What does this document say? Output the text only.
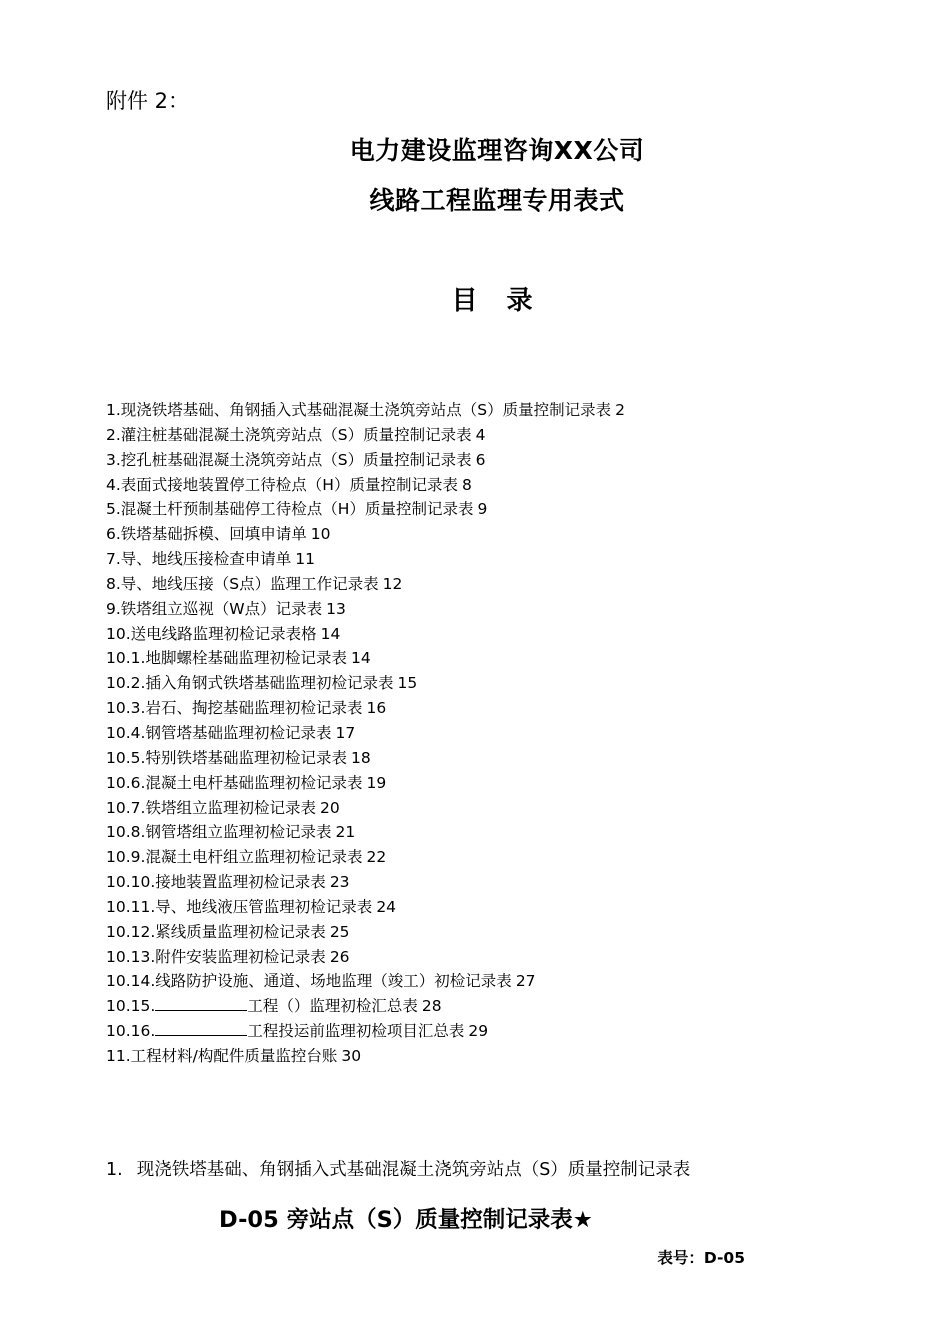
附件 2：
电力建设监理咨询XX公司
线路工程监理专用表式
目 录
1.现浇铁塔基础、角钢插入式基础混凝土浇筑旁站点（S）质量控制记录表 2
2.灌注桩基础混凝土浇筑旁站点（S）质量控制记录表 4
3.挖孔桩基础混凝土浇筑旁站点（S）质量控制记录表 6
4.表面式接地装置停工待检点（H）质量控制记录表 8
5.混凝土杆预制基础停工待检点（H）质量控制记录表 9
6.铁塔基础拆模、回填申请单 10
7.导、地线压接检查申请单 11
8.导、地线压接（S点）监理工作记录表 12
9.铁塔组立巡视（W点）记录表 13
10.送电线路监理初检记录表格 14
10.1.地脚螺栓基础监理初检记录表 14
10.2.插入角钢式铁塔基础监理初检记录表 15
10.3.岩石、掏挖基础监理初检记录表 16
10.4.钢管塔基础监理初检记录表 17
10.5.特别铁塔基础监理初检记录表 18
10.6.混凝土电杆基础监理初检记录表 19
10.7.铁塔组立监理初检记录表 20
10.8.钢管塔组立监理初检记录表 21
10.9.混凝土电杆组立监理初检记录表 22
10.10.接地装置监理初检记录表 23
10.11.导、地线液压管监理初检记录表 24
10.12.紧线质量监理初检记录表 25
10.13.附件安装监理初检记录表 26
10.14.线路防护设施、通道、场地监理（竣工）初检记录表 27
10.15.	工程（）监理初检汇总表 28
10.16.	工程投运前监理初检项目汇总表 29
11.工程材料/构配件质量监控台账 30
1. 现浇铁塔基础、角钢插入式基础混凝土浇筑旁站点（S）质量控制记录表
D-05 旁站点（S）质量控制记录表★
表号：D-05
